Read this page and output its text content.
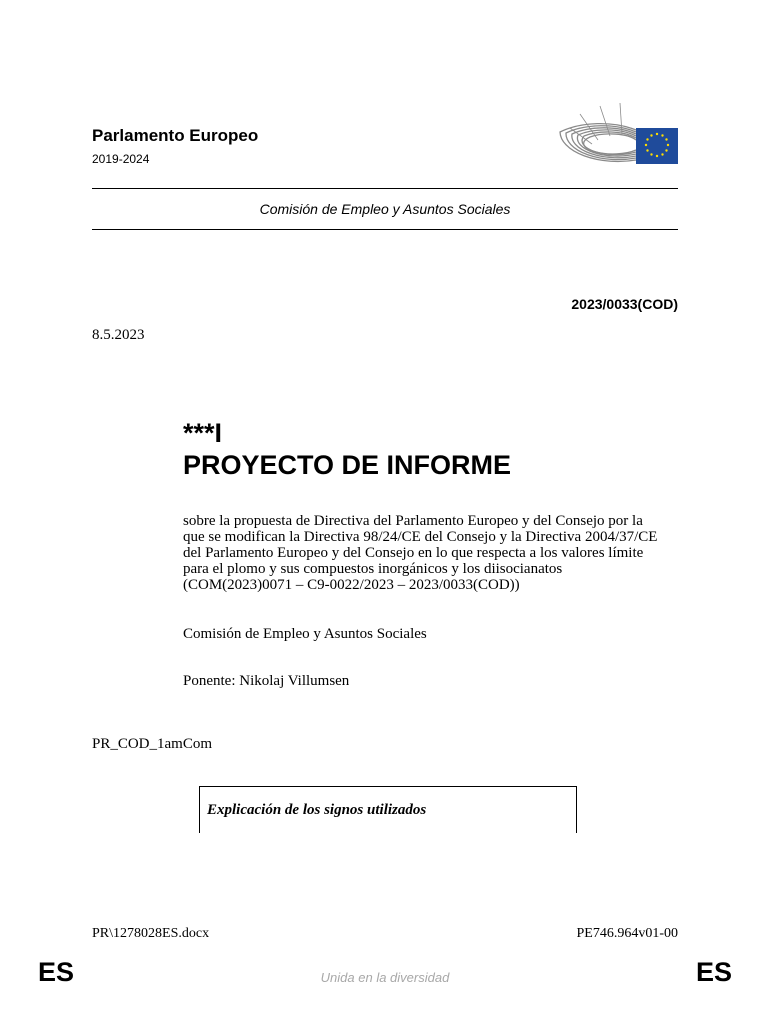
Parlamento Europeo
2019-2024
Comisión de Empleo y Asuntos Sociales
2023/0033(COD)
8.5.2023
***I
PROYECTO DE INFORME
sobre la propuesta de Directiva del Parlamento Europeo y del Consejo por la
que se modifican la Directiva 98/24/CE del Consejo y la Directiva 2004/37/CE
del Parlamento Europeo y del Consejo en lo que respecta a los valores límite
para el plomo y sus compuestos inorgánicos y los diisocianatos
(COM(2023)0071 – C9-0022/2023 – 2023/0033(COD))
Comisión de Empleo y Asuntos Sociales
Ponente: Nikolaj Villumsen
PR_COD_1amCom
Explicación de los signos utilizados
PR\1278028ES.docx	PE746.964v01-00
ES	Unida en la diversidad	ES
